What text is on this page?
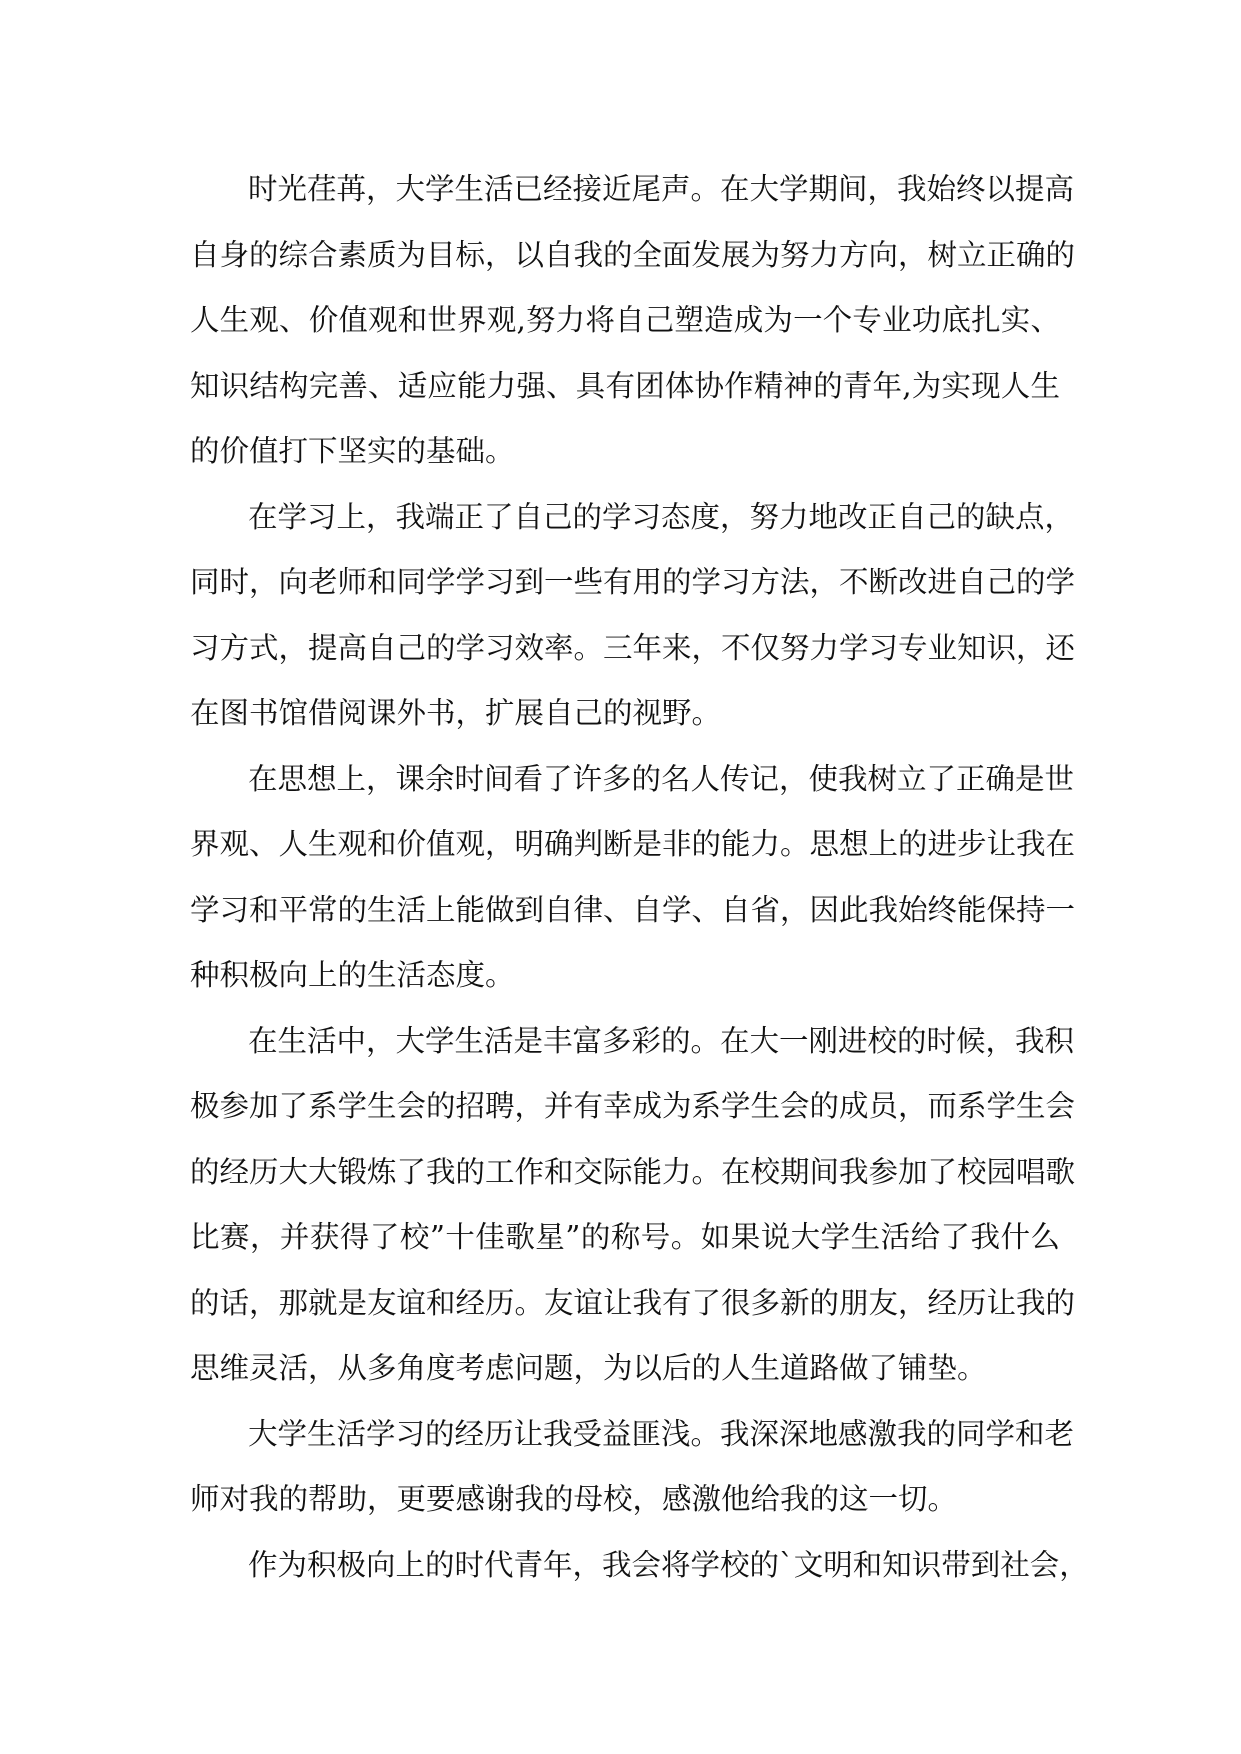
时光荏苒，大学生活已经接近尾声。在大学期间，我始终以提高
自身的综合素质为目标，以自我的全面发展为努力方向，树立正确的
人生观、价值观和世界观,努力将自己塑造成为一个专业功底扎实、
知识结构完善、适应能力强、具有团体协作精神的青年,为实现人生
的价值打下坚实的基础。
在学习上，我端正了自己的学习态度，努力地改正自己的缺点，
同时，向老师和同学学习到一些有用的学习方法，不断改进自己的学
习方式，提高自己的学习效率。三年来，不仅努力学习专业知识，还
在图书馆借阅课外书，扩展自己的视野。
在思想上，课余时间看了许多的名人传记，使我树立了正确是世
界观、人生观和价值观，明确判断是非的能力。思想上的进步让我在
学习和平常的生活上能做到自律、自学、自省，因此我始终能保持一
种积极向上的生活态度。
在生活中，大学生活是丰富多彩的。在大一刚进校的时候，我积
极参加了系学生会的招聘，并有幸成为系学生会的成员，而系学生会
的经历大大锻炼了我的工作和交际能力。在校期间我参加了校园唱歌
比赛，并获得了校”十佳歌星”的称号。如果说大学生活给了我什么
的话，那就是友谊和经历。友谊让我有了很多新的朋友，经历让我的
思维灵活，从多角度考虑问题，为以后的人生道路做了铺垫。
大学生活学习的经历让我受益匪浅。我深深地感激我的同学和老
师对我的帮助，更要感谢我的母校，感激他给我的这一切。
作为积极向上的时代青年，我会将学校的`文明和知识带到社会，
